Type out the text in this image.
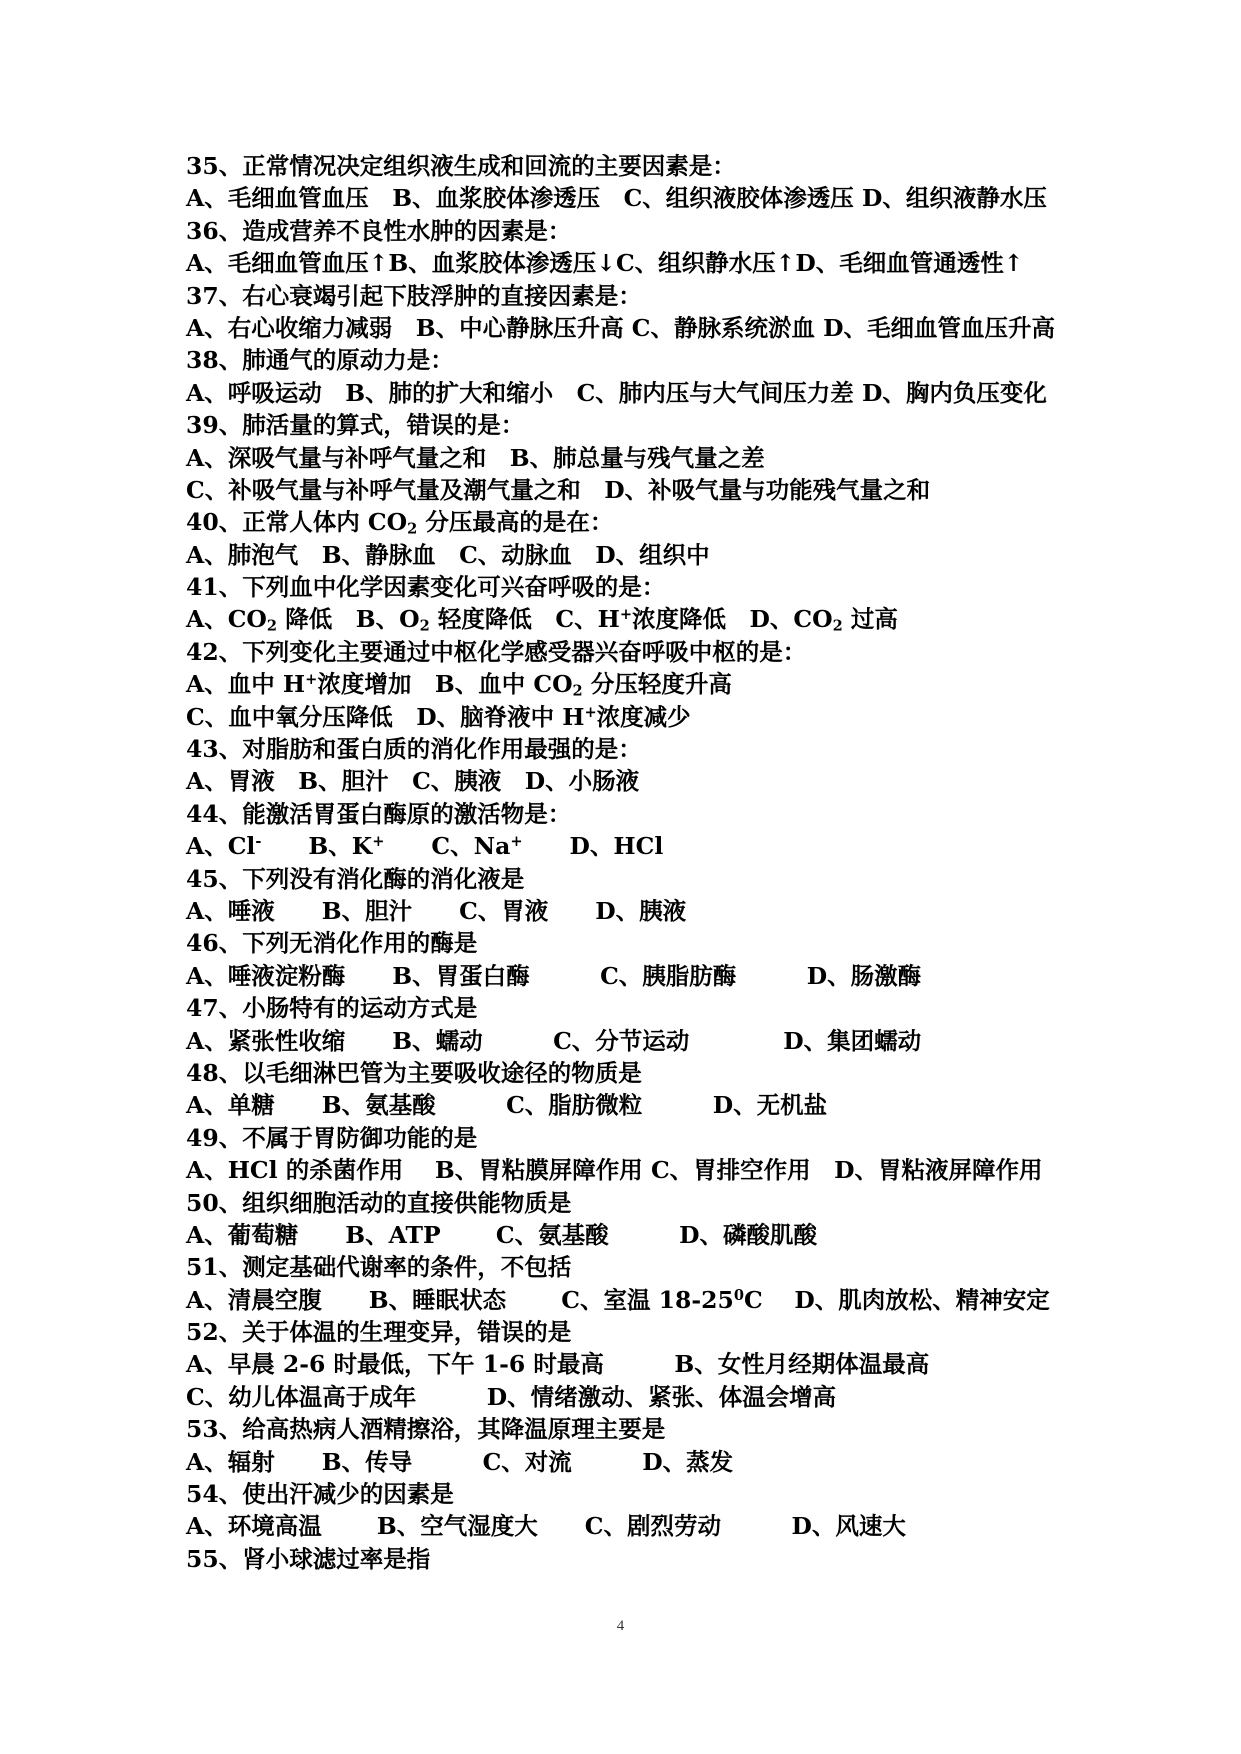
35、正常情况决定组织液生成和回流的主要因素是：
A、毛细血管血压　B、血浆胶体渗透压　C、组织液胶体渗透压 D、组织液静水压
36、造成营养不良性水肿的因素是：
A、毛细血管血压↑B、血浆胶体渗透压↓C、组织静水压↑D、毛细血管通透性↑
37、右心衰竭引起下肢浮肿的直接因素是：
A、右心收缩力减弱　B、中心静脉压升高 C、静脉系统淤血 D、毛细血管血压升高
38、肺通气的原动力是：
A、呼吸运动　B、肺的扩大和缩小　C、肺内压与大气间压力差 D、胸内负压变化
39、肺活量的算式，错误的是：
A、深吸气量与补呼气量之和　B、肺总量与残气量之差
C、补吸气量与补呼气量及潮气量之和　D、补吸气量与功能残气量之和
40、正常人体内 $CO_2$ 分压最高的是在：
A、肺泡气　B、静脉血　C、动脉血　D、组织中
41、下列血中化学因素变化可兴奋呼吸的是：
A、$CO_2$ 降低　B、$O_2$ 轻度降低　C、H+浓度降低　D、$CO_2$ 过高
42、下列变化主要通过中枢化学感受器兴奋呼吸中枢的是：
A、血中 H+浓度增加　B、血中 $CO_2$ 分压轻度升高
C、血中氧分压降低　D、脑脊液中 H+浓度减少
43、对脂肪和蛋白质的消化作用最强的是：
A、胃液　B、胆汁　C、胰液　D、小肠液
44、能激活胃蛋白酶原的激活物是：
A、Cl-　　B、K+　　C、Na+　　D、HCl
45、下列没有消化酶的消化液是
A、唾液　　B、胆汁　　C、胃液　　D、胰液
46、下列无消化作用的酶是
A、唾液淀粉酶　　B、胃蛋白酶　　　C、胰脂肪酶　　　D、肠激酶
47、小肠特有的运动方式是
A、紧张性收缩　　B、蠕动　　　C、分节运动　　　　D、集团蠕动
48、以毛细淋巴管为主要吸收途径的物质是
A、单糖　　B、氨基酸　　　C、脂肪微粒　　　D、无机盐
49、不属于胃防御功能的是
A、HCl 的杀菌作用　 B、胃粘膜屏障作用 C、胃排空作用　D、胃粘液屏障作用
50、组织细胞活动的直接供能物质是
A、葡萄糖　　B、ATP　　 C、氨基酸　　　D、磷酸肌酸
51、测定基础代谢率的条件，不包括
A、清晨空腹　　B、睡眠状态　　 C、室温 $18-25^0C$　 D、肌肉放松、精神安定
52、关于体温的生理变异，错误的是
A、早晨 2-6 时最低，下午 1-6 时最高　　　B、女性月经期体温最高
C、幼儿体温高于成年　　　D、情绪激动、紧张、体温会增高
53、给高热病人酒精擦浴，其降温原理主要是
A、辐射　　B、传导　　　C、对流　　　D、蒸发
54、使出汗减少的因素是
A、环境高温　　 B、空气湿度大　　C、剧烈劳动　　　D、风速大
55、肾小球滤过率是指
4
